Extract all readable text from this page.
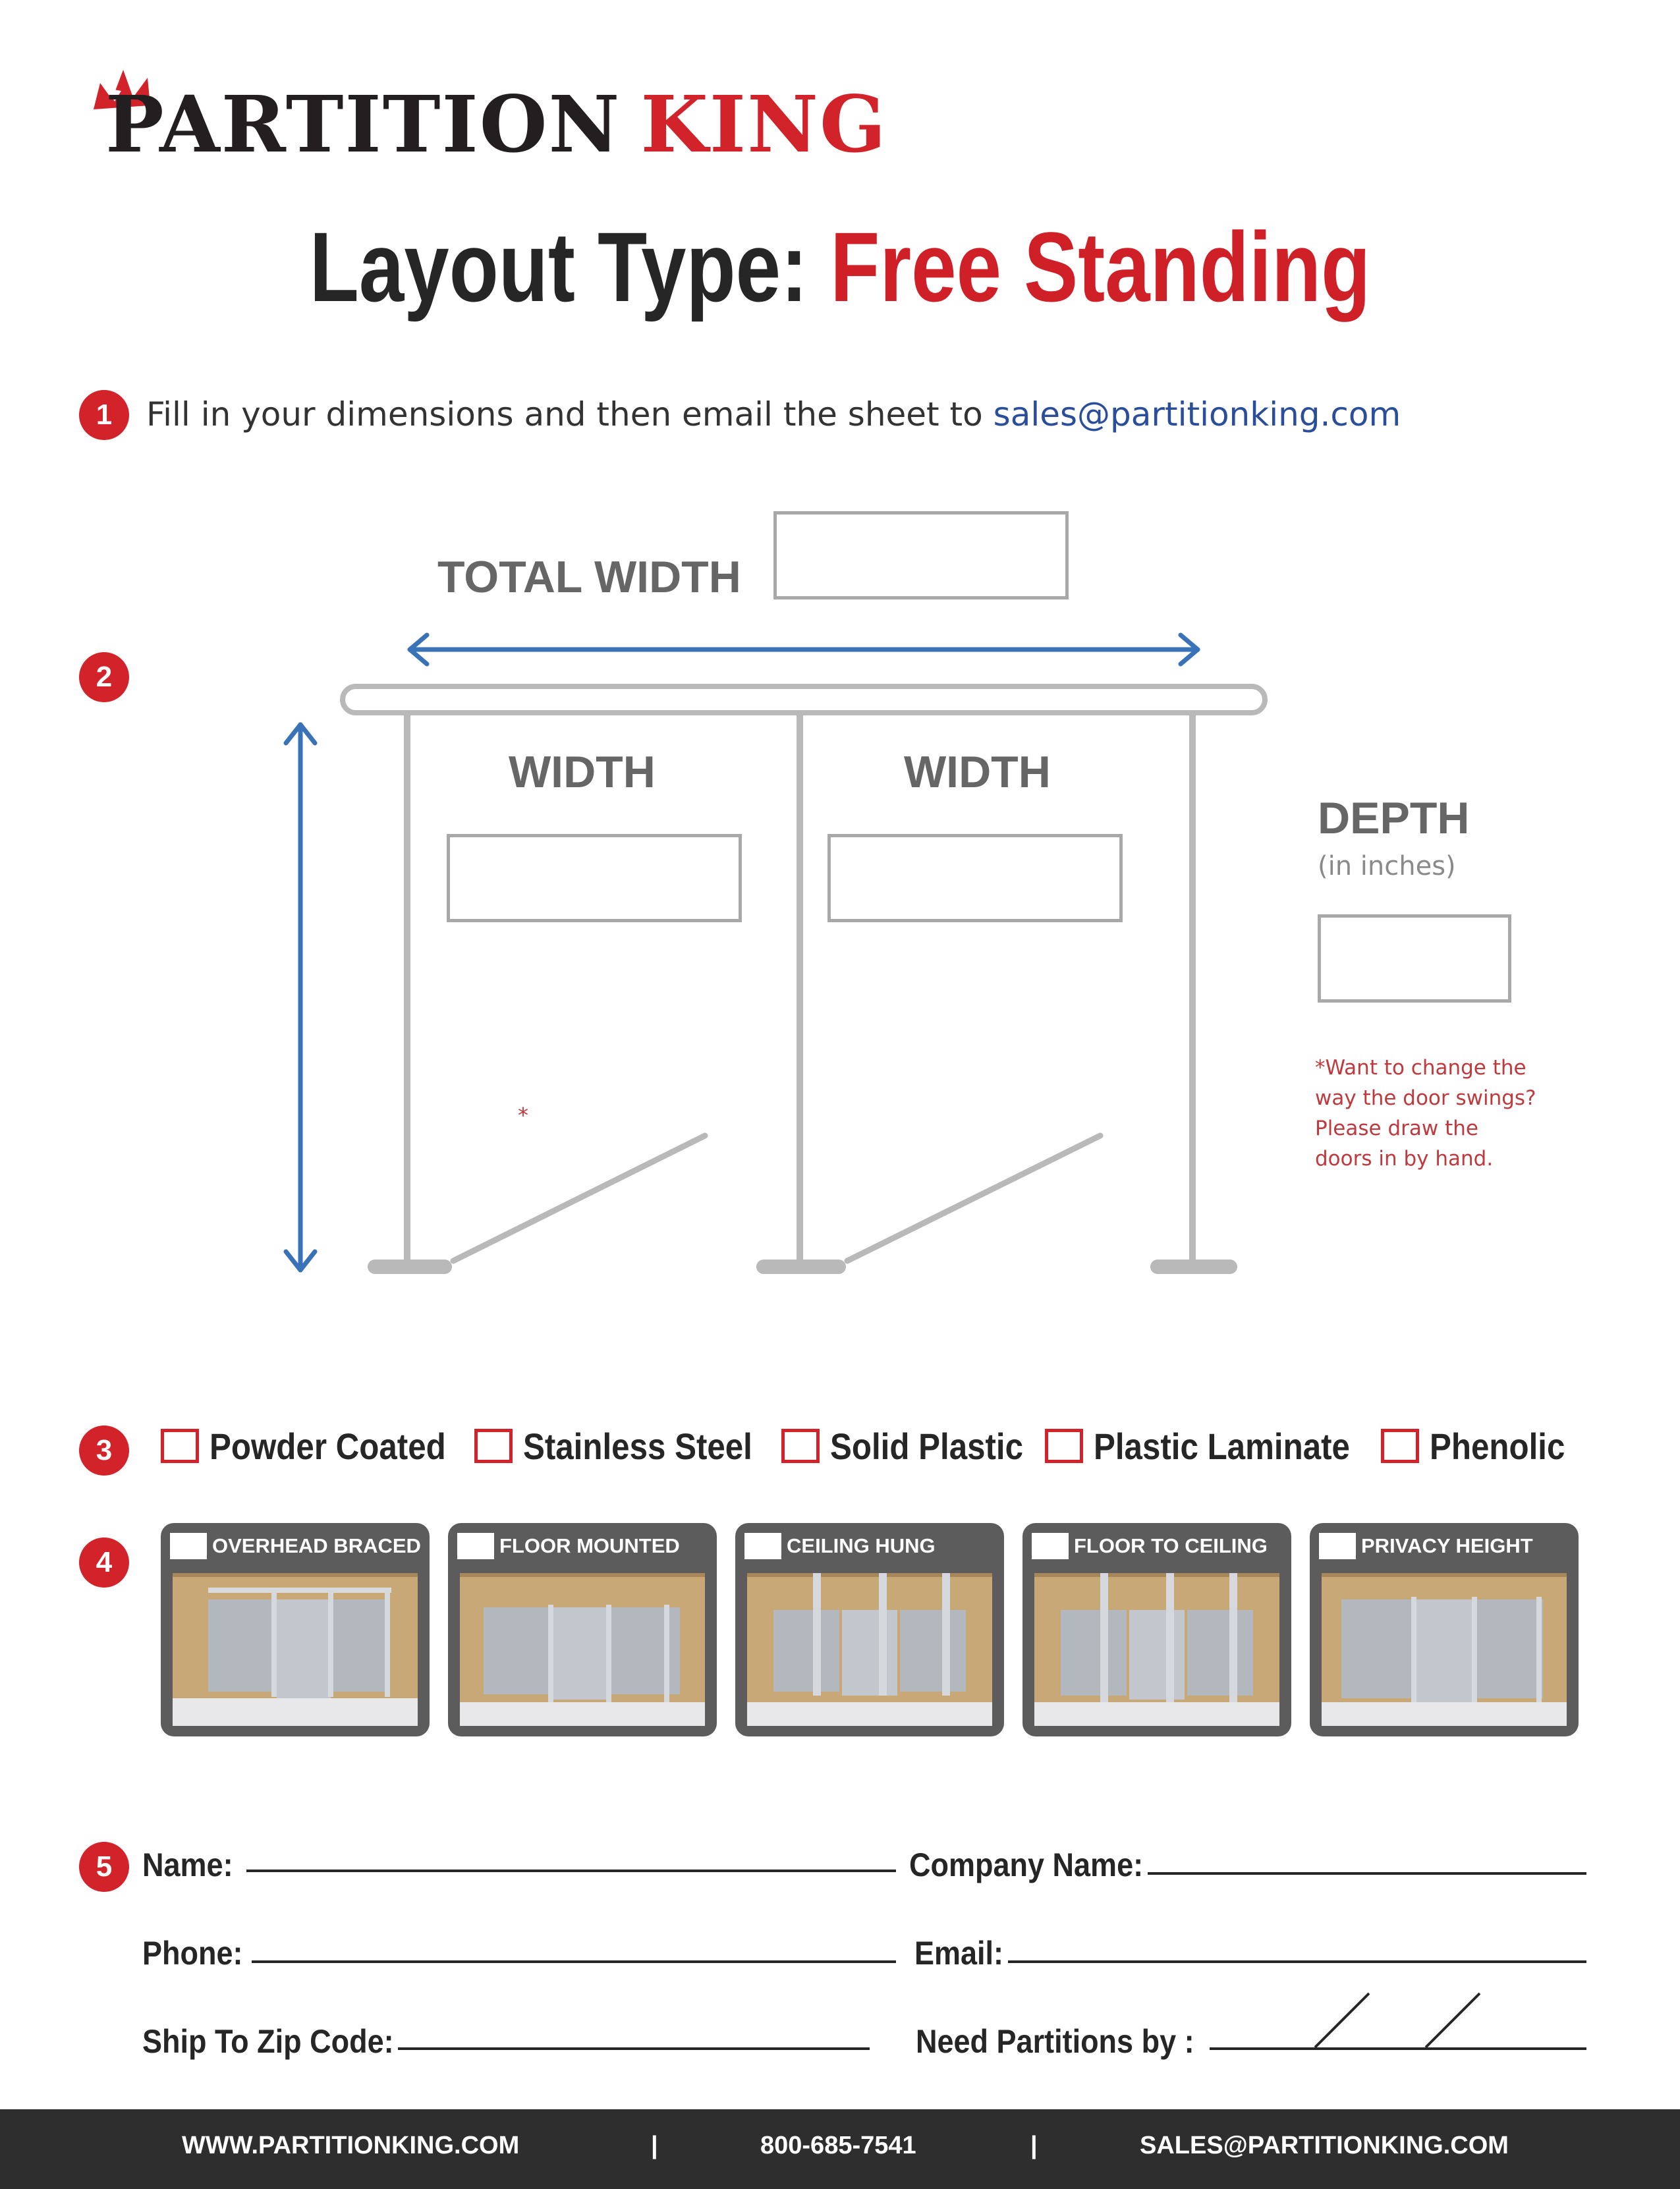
PARTITION KING
Layout Type: Free Standing
1	Fill in your dimensions and then email the sheet to sales@partitionking.com
2
TOTAL WIDTH
WIDTH	WIDTH
DEPTH
(in inches)
*
*Want to change the
way the door swings?
Please draw the
doors in by hand.
3	Powder Coated Stainless Steel Solid Plastic Plastic Laminate Phenolic
4
OVERHEAD BRACED	FLOOR MOUNTED	CEILING HUNG	FLOOR TO CEILING	PRIVACY HEIGHT
5 Name:	Company Name:
Phone:	Email:
Ship To Zip Code:	Need Partitions by :
WWW.PARTITIONKING.COM	|	800-685-7541	|	SALES@PARTITIONKING.COM
